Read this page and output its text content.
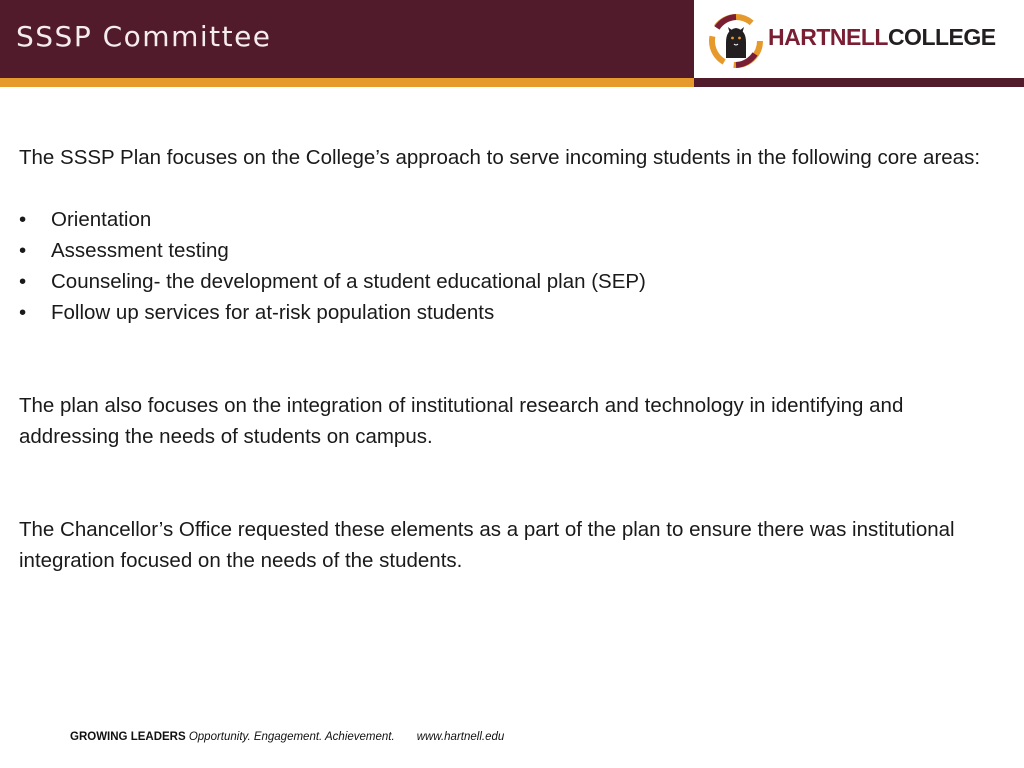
SSSP Committee	HARTNELLCOLLEGE

The SSSP Plan focuses on the College’s approach to serve incoming students in the following core areas:

• Orientation
• Assessment testing
• Counseling- the development of a student educational plan (SEP)
• Follow up services for at-risk population students

The plan also focuses on the integration of institutional research and technology in identifying and addressing the needs of students on campus.

The Chancellor’s Office requested these elements as a part of the plan to ensure there was institutional integration focused on the needs of the students.

GROWING LEADERS Opportunity. Engagement. Achievement. www.hartnell.edu
